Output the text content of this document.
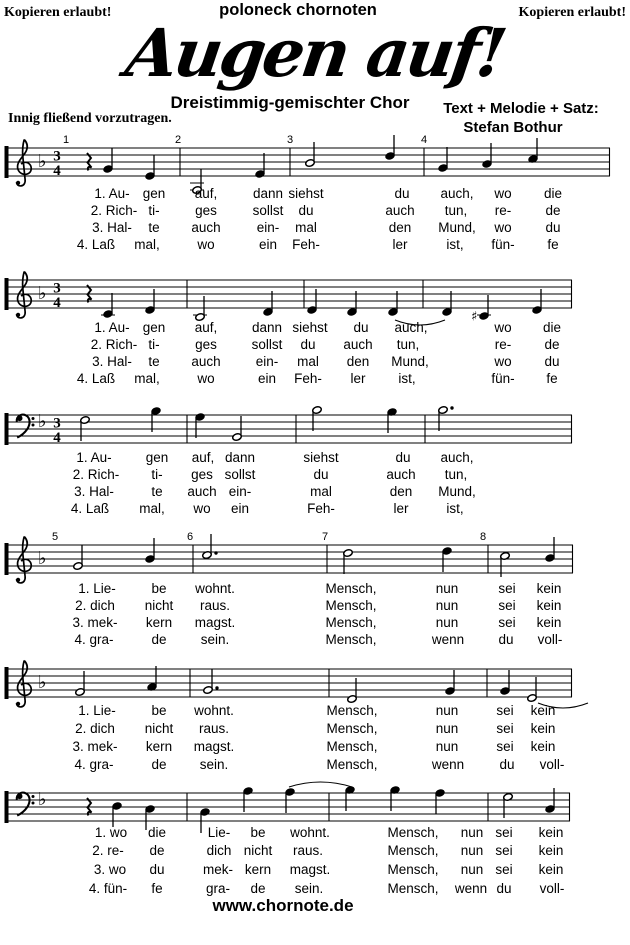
Kopieren erlaubt!	poloneck chornoten	Kopieren erlaubt!
Augen auf!
Dreistimmig-gemischter Chor Text + Melodie + Satz:
Stefan Bothur
Innig fließend vorzutragen.
♭ 3
4
1	2	3	4
♭ 3
4
♯
♭ 3
4
♭
5	6	7	8
♭
♭
1. Au- gen auf,	dann siehst	du auch, wo die
2. Rich- ti-	ges	sollst du	auch tun, re-	de
3. Hal- te auch	ein- mal	den Mund, wo	du
4. Laß mal,	wo	ein Feh-	ler	ist, fün- fe
1. Au- gen auf,	dann siehst du auch,	wo die
2. Rich- ti-	ges	sollst du auch tun,	re- de
3. Hal- te auch	ein- mal den Mund,	wo du
4. Laß mal,	wo	ein Feh- ler ist,	fün- fe
1. Au-	gen auf, dann	siehst	du auch,
2. Rich- ti- ges sollst	du	auch tun,
3. Hal-	te auch ein-	mal	den Mund,
4. Laß mal, wo ein	Feh-	ler	ist,
1. Lie-	be wohnt.	Mensch,	nun	sei kein
2. dich nicht raus.	Mensch,	nun	sei kein
3. mek- kern magst.	Mensch,	nun	sei kein
4. gra-	de	sein.	Mensch,	wenn	du voll-
1. Lie-	be wohnt.	Mensch,	nun	sei kein
2. dich nicht raus.	Mensch,	nun	sei kein
3. mek- kern magst.	Mensch,	nun	sei kein
4. gra-	de sein.	Mensch,	wenn	du voll-
1. wo die	Lie- be wohnt.	Mensch, nun sei kein
2. re- de	dich nicht raus.	Mensch, nun sei kein
3. wo du	mek- kern magst.	Mensch, nun sei kein
4. fün- fe	gra- de sein.	Mensch, wenn du voll-
www.chornote.de
